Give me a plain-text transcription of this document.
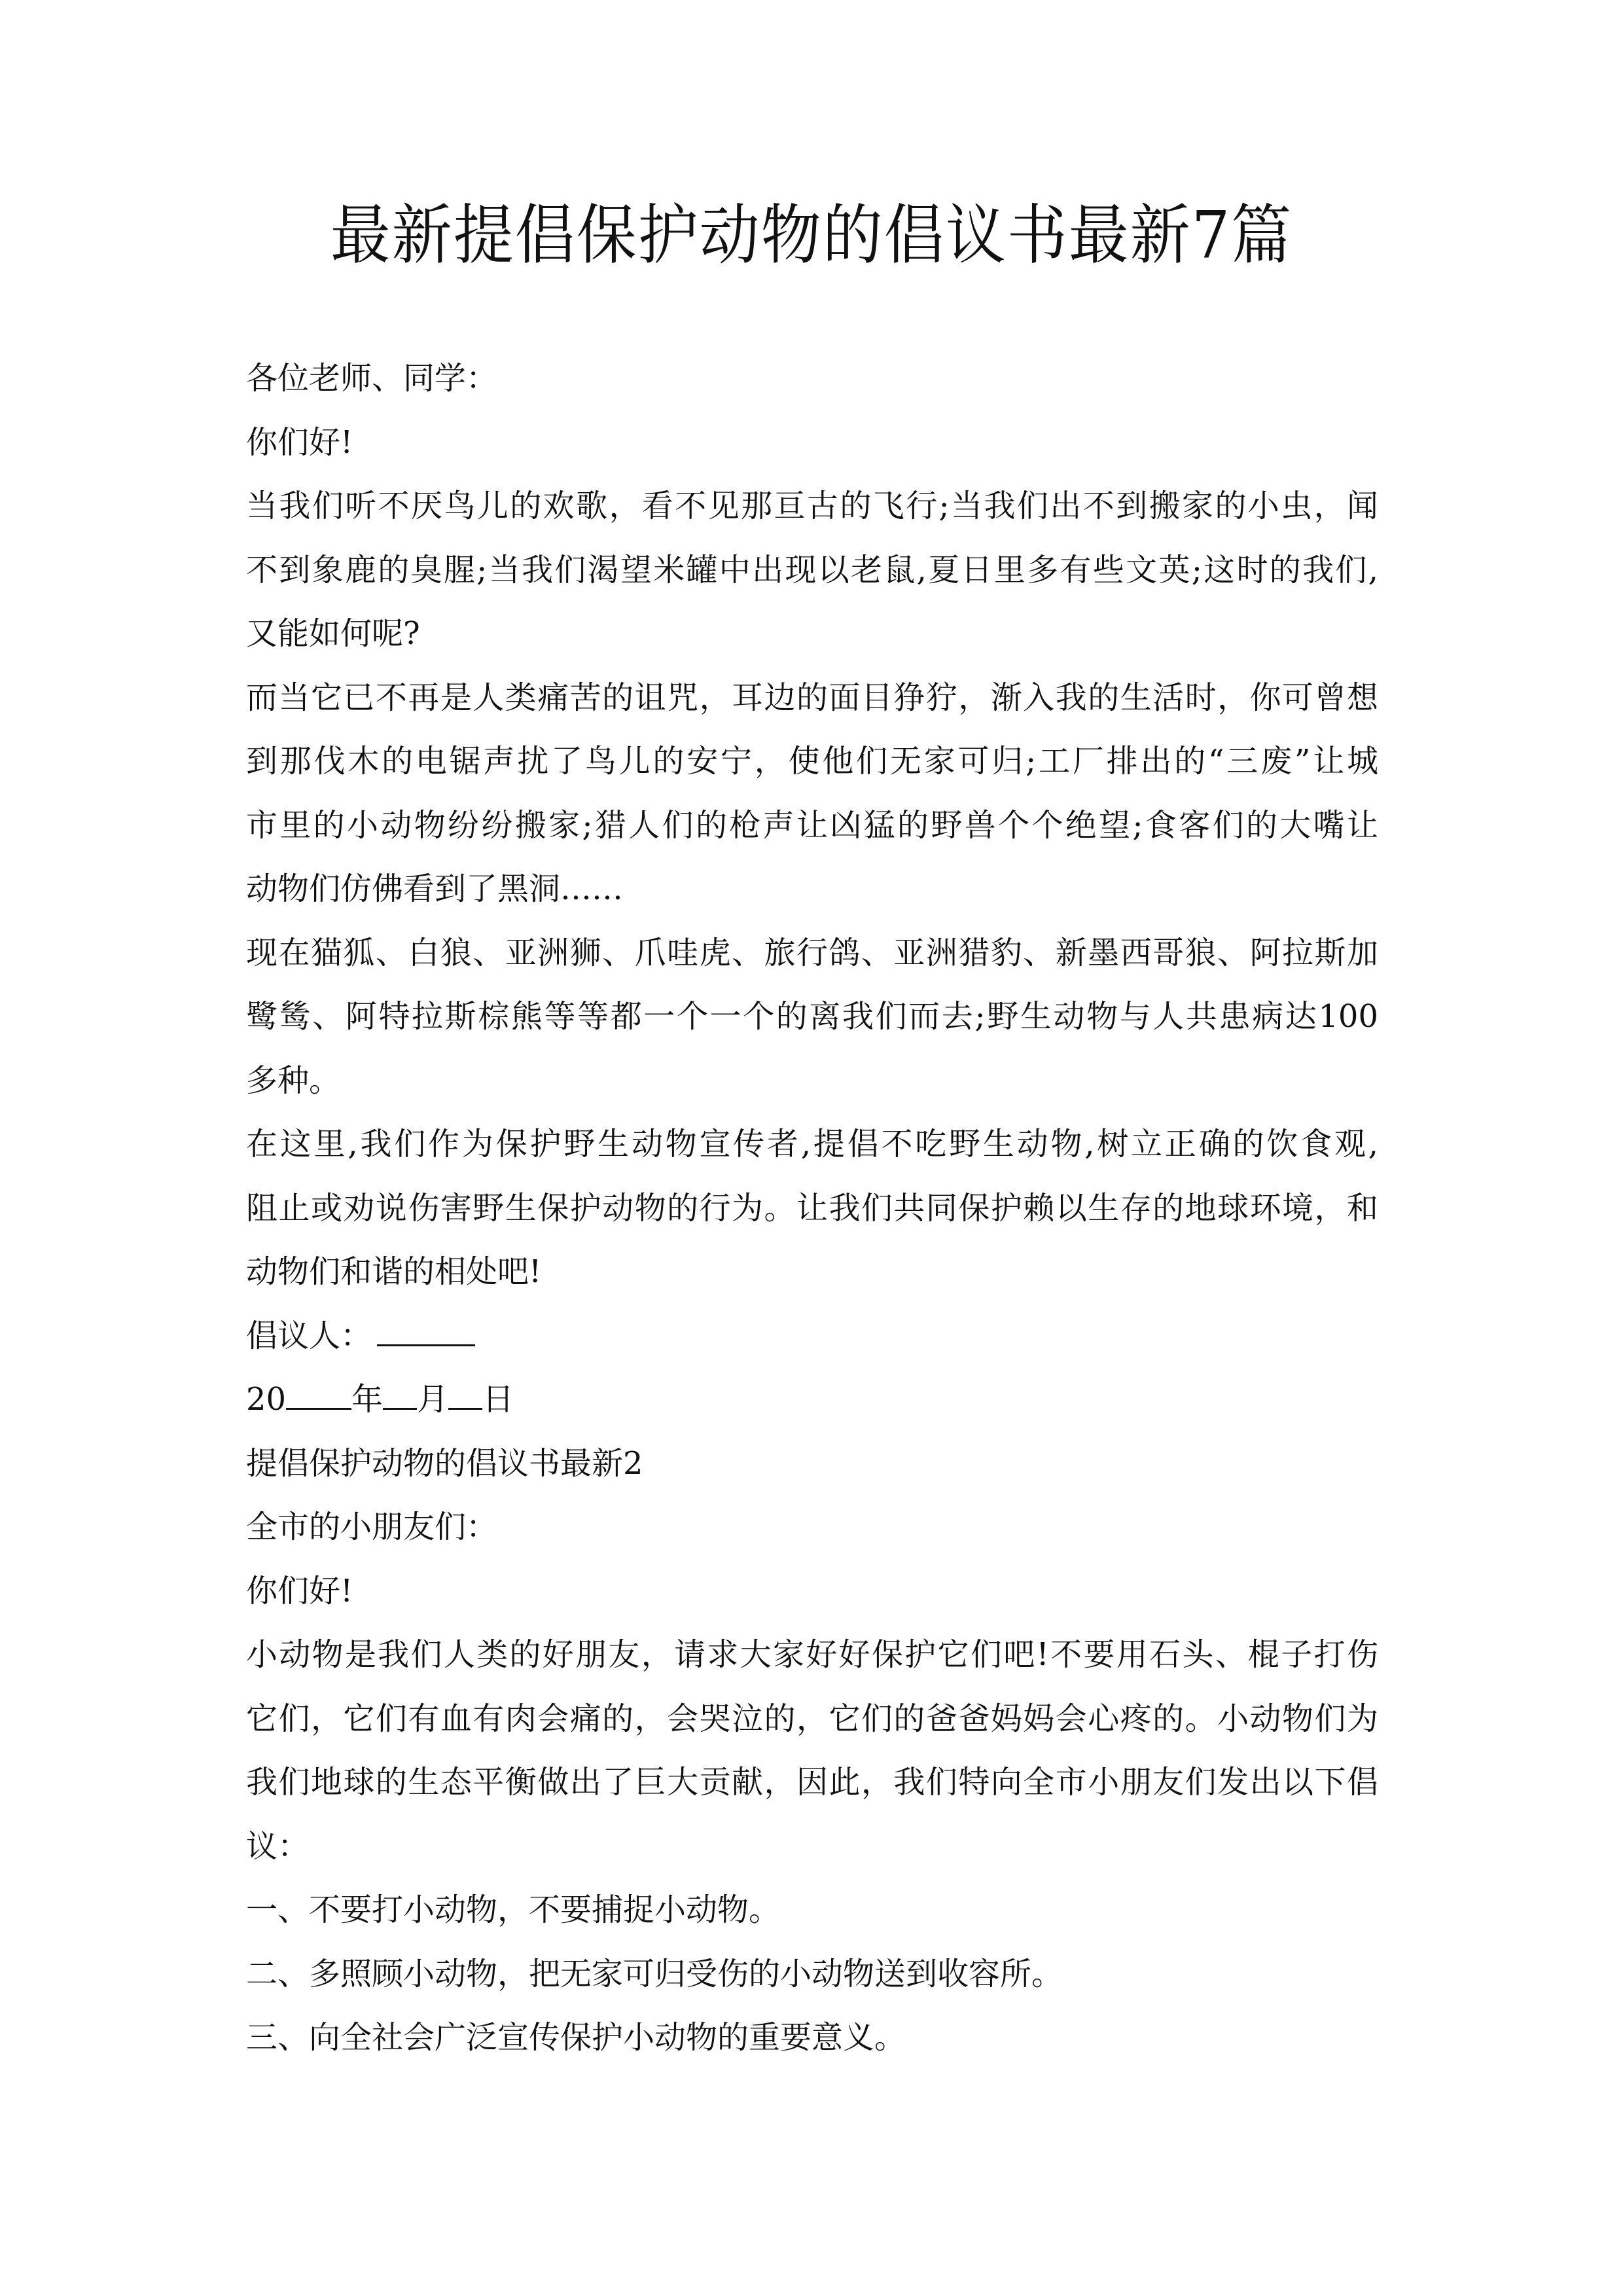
最新提倡保护动物的倡议书最新7篇
各位老师、同学：
你们好!
当我们听不厌鸟儿的欢歌，看不见那亘古的飞行;当我们出不到搬家的小虫，闻
不到象鹿的臭腥;当我们渴望米罐中出现以老鼠,夏日里多有些文英;这时的我们,
又能如何呢?
而当它已不再是人类痛苦的诅咒，耳边的面目狰狞，渐入我的生活时，你可曾想
到那伐木的电锯声扰了鸟儿的安宁，使他们无家可归;工厂排出的“三废”让城
市里的小动物纷纷搬家;猎人们的枪声让凶猛的野兽个个绝望;食客们的大嘴让
动物们仿佛看到了黑洞……
现在猫狐、白狼、亚洲狮、爪哇虎、旅行鸽、亚洲猎豹、新墨西哥狼、阿拉斯加
鹭鸶、阿特拉斯棕熊等等都一个一个的离我们而去;野生动物与人共患病达100
多种。
在这里,我们作为保护野生动物宣传者,提倡不吃野生动物,树立正确的饮食观,
阻止或劝说伤害野生保护动物的行为。让我们共同保护赖以生存的地球环境，和
动物们和谐的相处吧!
倡议人：
20 年 月 日
提倡保护动物的倡议书最新2
全市的小朋友们：
你们好!
小动物是我们人类的好朋友，请求大家好好保护它们吧!不要用石头、棍子打伤
它们，它们有血有肉会痛的，会哭泣的，它们的爸爸妈妈会心疼的。小动物们为
我们地球的生态平衡做出了巨大贡献，因此，我们特向全市小朋友们发出以下倡
议：
一、不要打小动物，不要捕捉小动物。
二、多照顾小动物，把无家可归受伤的小动物送到收容所。
三、向全社会广泛宣传保护小动物的重要意义。
